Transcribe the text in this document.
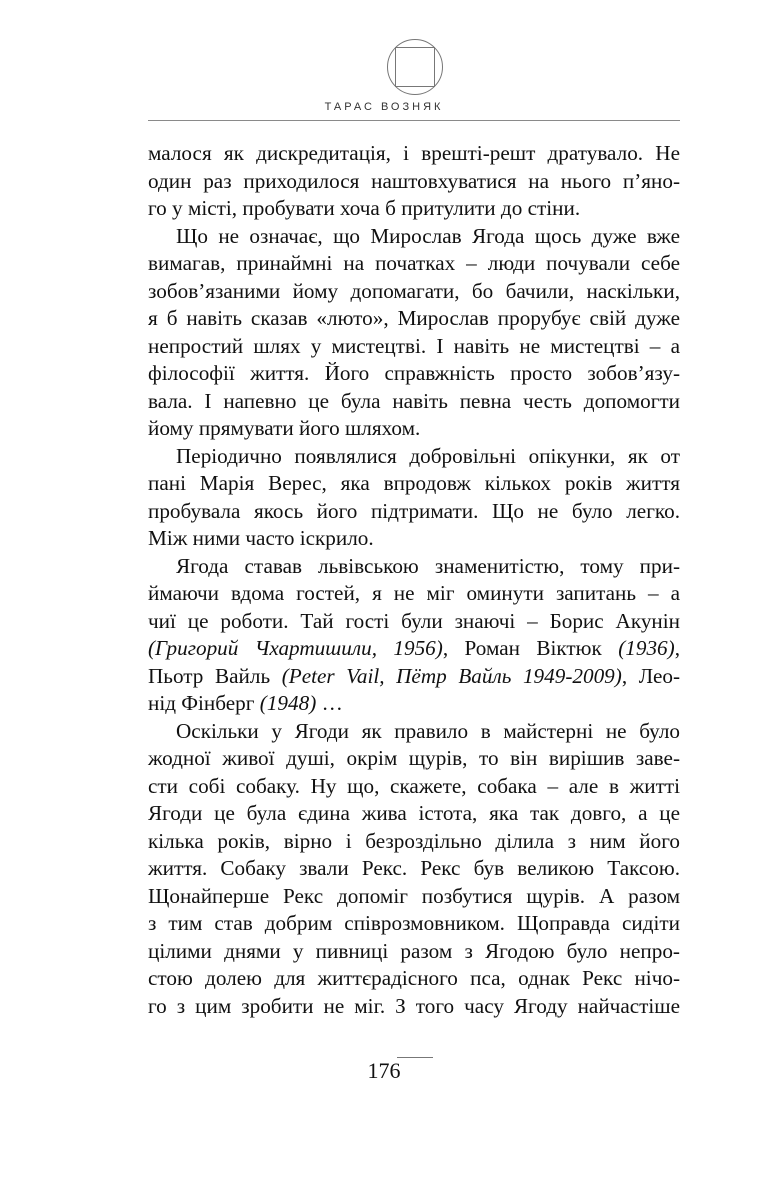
ТАРАС ВОЗНЯК
малося як дискредитація, і врешті-решт дратувало. Не
один раз приходилося наштовхуватися на нього п’яно-
го у місті, пробувати хоча б притулити до стіни.
Що не означає, що Мирослав Ягода щось дуже вже
вимагав, принаймні на початках – люди почували себе
зобов’язаними йому допомагати, бо бачили, наскільки,
я б навіть сказав «люто», Мирослав прорубує свій дуже
непростий шлях у мистецтві. І навіть не мистецтві – а
філософії життя. Його справжність просто зобов’язу-
вала. І напевно це була навіть певна честь допомогти
йому прямувати його шляхом.
Періодично появлялися добровільні опікунки, як от
пані Марія Верес, яка впродовж кількох років життя
пробувала якось його підтримати. Що не було легко.
Між ними часто іскрило.
Ягода ставав львівською знаменитістю, тому при-
ймаючи вдома гостей, я не міг оминути запитань – а
чиї це роботи. Тай гості були знаючі – Борис Акунін
(Григорий Чхартишили, 1956), Роман Віктюк (1936),
Пьотр Вайль (Peter Vail, Пётр Вайль 1949-2009), Лео-
нід Фінберг (1948) …
Оскільки у Ягоди як правило в майстерні не було
жодної живої душі, окрім щурів, то він вирішив заве-
сти собі собаку. Ну що, скажете, собака – але в житті
Ягоди це була єдина жива істота, яка так довго, а це
кілька років, вірно і безроздільно ділила з ним його
життя. Собаку звали Рекс. Рекс був великою Таксою.
Щонайперше Рекс допоміг позбутися щурів. А разом
з тим став добрим співрозмовником. Щоправда сидіти
цілими днями у пивниці разом з Ягодою було непро-
стою долею для життєрадісного пса, однак Рекс нічо-
го з цим зробити не міг. З того часу Ягоду найчастіше
176
